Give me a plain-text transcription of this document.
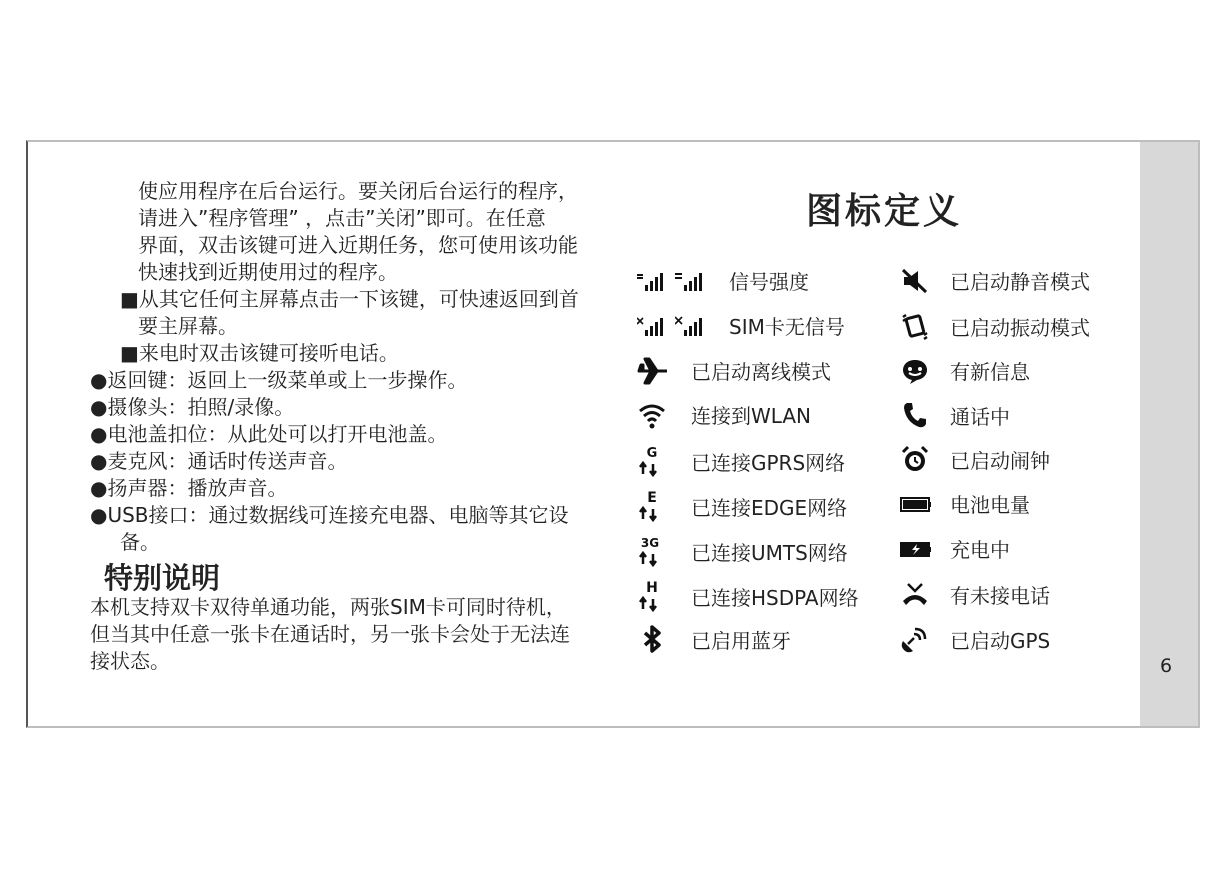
6
使应用程序在后台运行。要关闭后台运行的程序，
请进入”程序管理” ，点击”关闭”即可。在任意
界面，双击该键可进入近期任务，您可使用该功能
快速找到近期使用过的程序。
■从其它任何主屏幕点击一下该键，可快速返回到首
要主屏幕。
■来电时双击该键可接听电话。
●返回键：返回上一级菜单或上一步操作。
●摄像头：拍照/录像。
●电池盖扣位：从此处可以打开电池盖。
●麦克风：通话时传送声音。
●扬声器：播放声音。
●USB接口：通过数据线可连接充电器、电脑等其它设
备。
特别说明
本机支持双卡双待单通功能，两张SIM卡可同时待机，
但当其中任意一张卡在通话时，另一张卡会处于无法连
接状态。
图标定义
信号强度
SIM卡无信号
已启动离线模式
连接到WLAN
G 已连接GPRS网络
E 已连接EDGE网络
3G 已连接UMTS网络
H 已连接HSDPA网络
已启用蓝牙
已启动静音模式
已启动振动模式
有新信息
通话中
已启动闹钟
电池电量
充电中
有未接电话
已启动GPS
